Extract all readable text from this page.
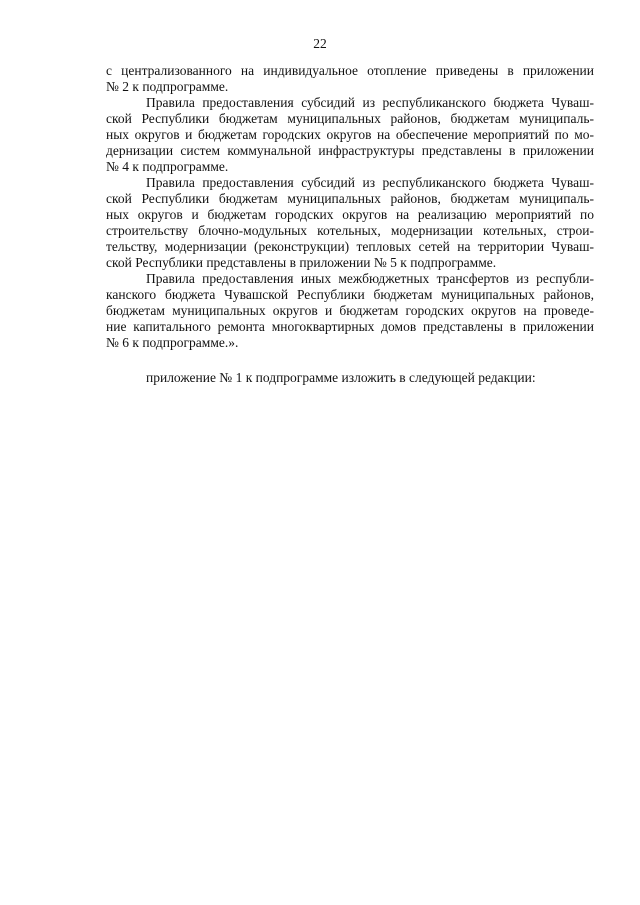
22
с централизованного на индивидуальное отопление приведены в приложении
№ 2 к подпрограмме.
Правила предоставления субсидий из республиканского бюджета Чуваш-
ской Республики бюджетам муниципальных районов, бюджетам муниципаль-
ных округов и бюджетам городских округов на обеспечение мероприятий по мо-
дернизации систем коммунальной инфраструктуры представлены в приложении
№ 4 к подпрограмме.
Правила предоставления субсидий из республиканского бюджета Чуваш-
ской Республики бюджетам муниципальных районов, бюджетам муниципаль-
ных округов и бюджетам городских округов на реализацию мероприятий по
строительству блочно-модульных котельных, модернизации котельных, строи-
тельству, модернизации (реконструкции) тепловых сетей на территории Чуваш-
ской Республики представлены в приложении № 5 к подпрограмме.
Правила предоставления иных межбюджетных трансфертов из республи-
канского бюджета Чувашской Республики бюджетам муниципальных районов,
бюджетам муниципальных округов и бюджетам городских округов на проведе-
ние капитального ремонта многоквартирных домов представлены в приложении
№ 6 к подпрограмме.».
приложение № 1 к подпрограмме изложить в следующей редакции:
